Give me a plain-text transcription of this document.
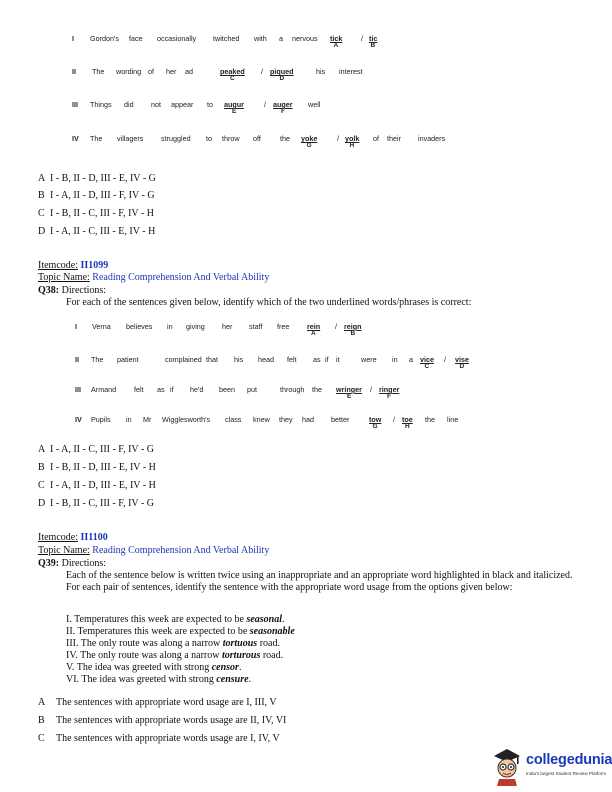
I Gordon's face occasionally twitched with a nervous tick	/ tic
A	B
II The wording of her ad	peaked / piqued	his interest
C	D
III Things did not appear to augur	/ auger well
E	F
IV The villagers struggled to throw off	the yoke	/ yolk of their invaders
G	H
A I - B, II - D, III - E, IV - G
B I - A, II - D, III - F, IV - G
C I - B, II - C, III - F, IV - H
D I - A, II - C, III - E, IV - H
Itemcode: II1099
Topic Name: Reading Comprehension And Verbal Ability
Q38: Directions:
For each of the sentences given below, identify which of the two underlined words/phrases is correct:
I Verna believes in giving her staff free rein / reign
A	B
II The patient	complained that his head felt as if it	were in a vice / vise
C	D
III Armand felt as if he'd been put	through the wringer / ringer
E	F
IV Pupils in Mr Wigglesworth's class knew they had better	tow / toe the line
G	H
A I - A, II - C, III - F, IV - G
B I - B, II - D, III - E, IV - H
C I - A, II - D, III - E, IV - H
D I - B, II - C, III - F, IV - G
Itemcode: II1100
Topic Name: Reading Comprehension And Verbal Ability
Q39: Directions:
Each of the sentence below is written twice using an inappropriate and an appropriate word highlighted in black and italicized. For each pair of sentences, identify the sentence with the appropriate word usage from the options given below:
I. Temperatures this week are expected to be seasonal.
II. Temperatures this week are expected to be seasonable
III. The only route was along a narrow tortuous road.
IV. The only route was along a narrow torturous road.
V. The idea was greeted with strong censor.
VI. The idea was greeted with strong censure.
A The sentences with appropriate word usage are I, III, V
B The sentences with appropriate words usage are II, IV, VI
C The sentences with appropriate words usage are I, IV, V
collegedunia
India's largest Student Review Platform
